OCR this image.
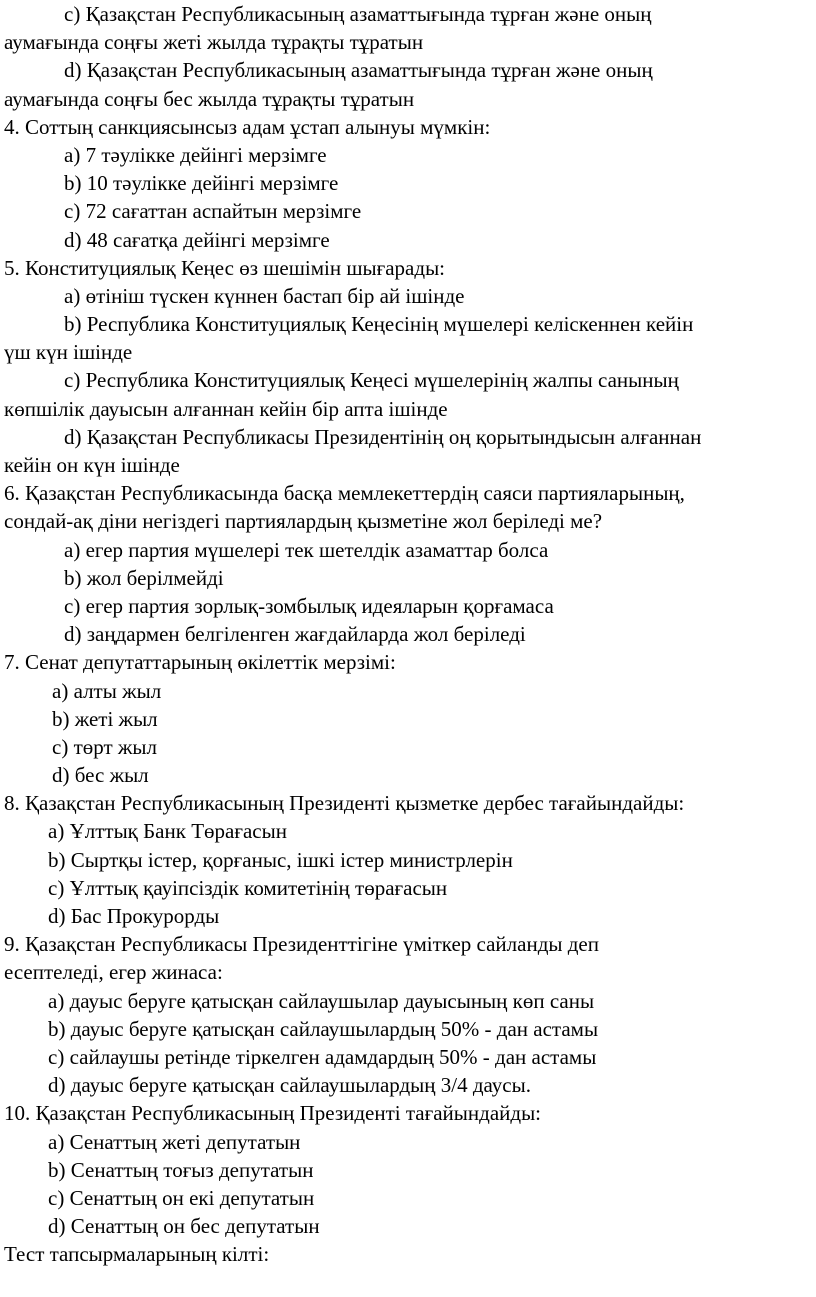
c) Қазақстан Республикасының азаматтығында тұрған және оның
аумағында соңғы жеті жылда тұрақты тұратын
d) Қазақстан Республикасының азаматтығында тұрған және оның
аумағында соңғы бес жылда тұрақты тұратын
4. Соттың санкциясынсыз адам ұстап алынуы мүмкін:
a) 7 тәулікке дейінгі мерзімге
b) 10 тәулікке дейінгі мерзімге
c) 72 сағаттан аспайтын мерзімге
d) 48 сағатқа дейінгі мерзімге
5. Конституциялық Кеңес өз шешімін шығарады:
a) өтініш түскен күннен бастап бір ай ішінде
b) Республика Конституциялық Кеңесінің мүшелері келіскеннен кейін
үш күн ішінде
c) Республика Конституциялық Кеңесі мүшелерінің жалпы санының
көпшілік дауысын алғаннан кейін бір апта ішінде
d) Қазақстан Республикасы Президентінің оң қорытындысын алғаннан
кейін он күн ішінде
6. Қазақстан Республикасында басқа мемлекеттердің саяси партияларының,
сондай-ақ діни негіздегі партиялардың қызметіне жол беріледі ме?
a) егер партия мүшелері тек шетелдік азаматтар болса
b) жол берілмейді
c) егер партия зорлық-зомбылық идеяларын қорғамаса
d) заңдармен белгіленген жағдайларда жол беріледі
7. Сенат депутаттарының өкілеттік мерзімі:
a) алты жыл
b) жеті жыл
c) төрт жыл
d) бес жыл
8. Қазақстан Республикасының Президенті қызметке дербес тағайындайды:
a) Ұлттық Банк Төрағасын
b) Сыртқы істер, қорғаныс, ішкі істер министрлерін
c) Ұлттық қауіпсіздік комитетінің төрағасын
d) Бас Прокурорды
9. Қазақстан Республикасы Президенттігіне үміткер сайланды деп
есептеледі, егер жинаса:
a) дауыс беруге қатысқан сайлаушылар дауысының көп саны
b) дауыс беруге қатысқан сайлаушылардың 50% - дан астамы
c) сайлаушы ретінде тіркелген адамдардың 50% - дан астамы
d) дауыс беруге қатысқан сайлаушылардың 3/4 даусы.
10. Қазақстан Республикасының Президенті тағайындайды:
a) Сенаттың жеті депутатын
b) Сенаттың тоғыз депутатын
c) Сенаттың он екі депутатын
d) Сенаттың он бес депутатын
Тест тапсырмаларының кілті:
